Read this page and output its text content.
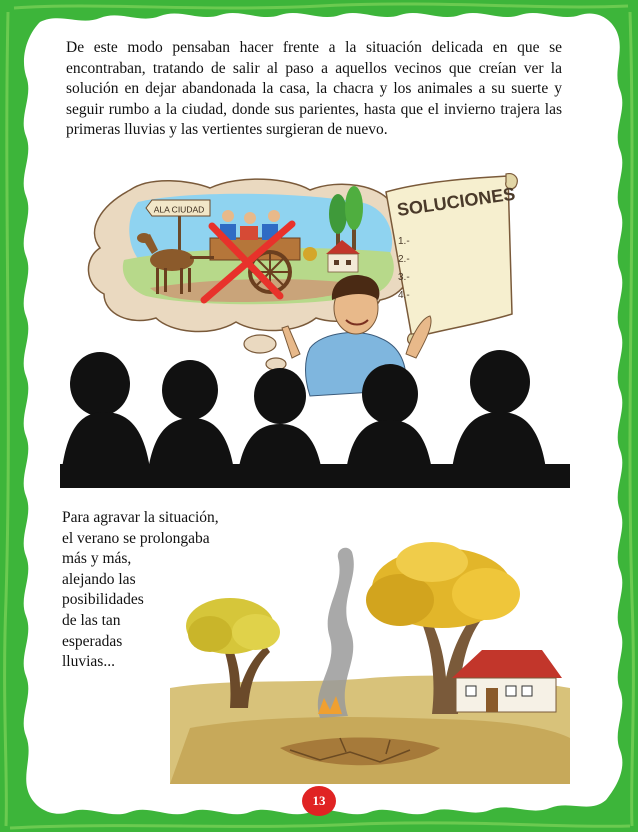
De este modo pensaban hacer frente a la situación delicada en que se encontraban, tratando de salir al paso a aquellos vecinos que creían ver la solución en dejar abandonada la casa, la chacra y los animales a su suerte y seguir rumbo a la ciudad, donde sus parientes, hasta que el invierno trajera las primeras lluvias y las vertientes surgieran de nuevo.

ALA CIUDAD	SOLUCIONES
1.-
2.-
3.-
4.-

Para agravar la situación,
el verano se prolongaba
más y más,
alejando las
posibilidades
de las tan
esperadas
lluvias...

13
